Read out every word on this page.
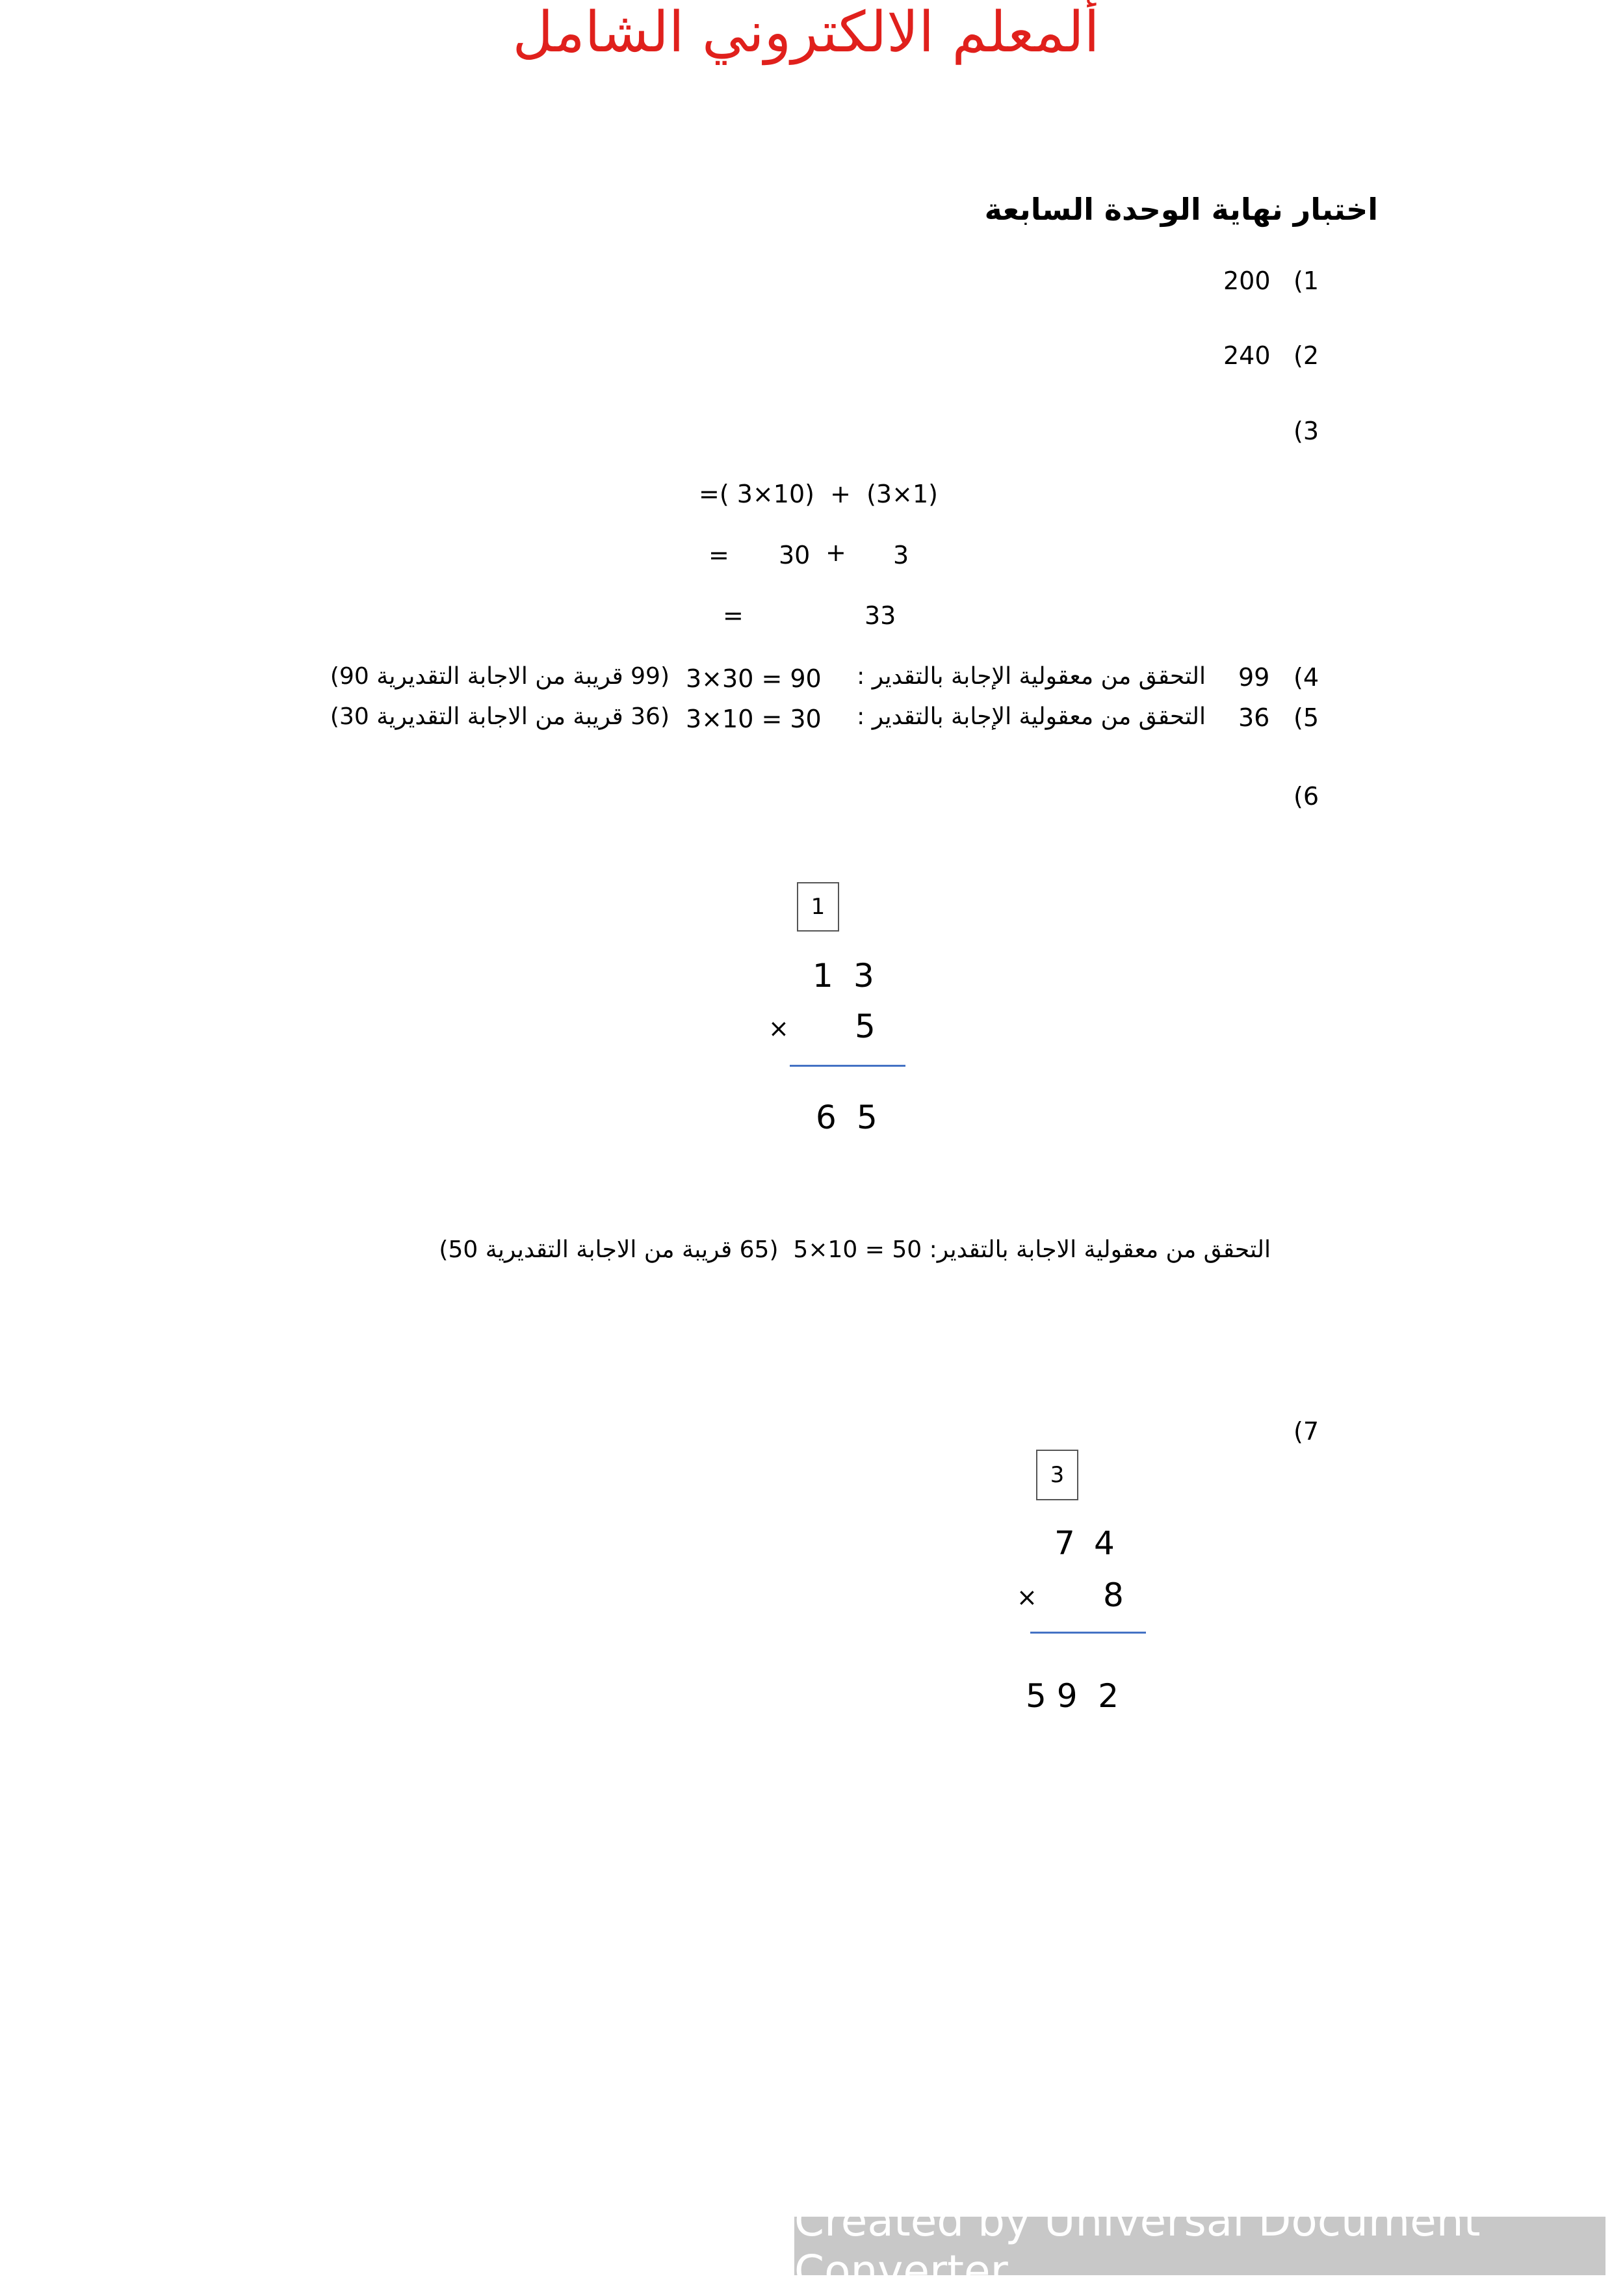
ألمعلم الالكتروني الشامل
اختبار نهاية الوحدة السابعة
(1
200
(2
240
(3
=( 3×10)  +  (3×1)
= 30 + 3
=	33
(4
99
التحقق من معقولية الإجابة بالتقدير :
3×30 = 90
(99 قريبة من الاجابة التقديرية 90)
(5
36
التحقق من معقولية الإجابة بالتقدير :
3×10 = 30
(36 قريبة من الاجابة التقديرية 30)
(6
1
1 3
× 5
6 5
التحقق من معقولية الاجابة بالتقدير: 50 = 10×5  (65 قريبة من الاجابة التقديرية 50)
(7
3
7 4
× 8
5 9  2
Created by Universal Document Converter
